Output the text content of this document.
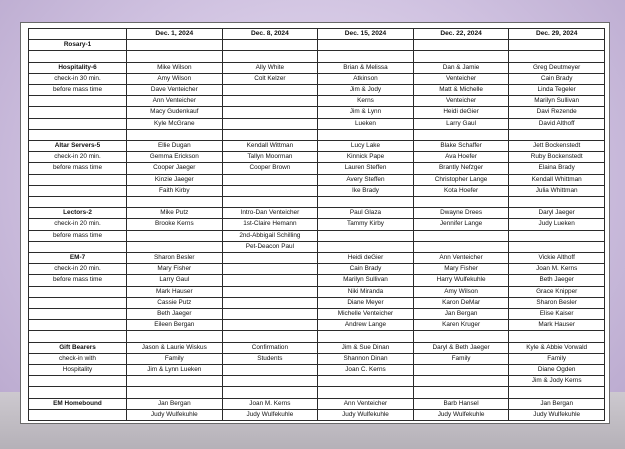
	Dec. 1, 2024	Dec. 8, 2024	Dec. 15, 2024	Dec. 22, 2024	Dec. 29, 2024
Rosary-1					

Hospitality-6	Mike Wilson	Ally White	Brian & Melissa	Dan & Jamie	Greg Deutmeyer
check-in 30 min.	Amy Wilson	Colt Kelzer	Atkinson	Venteicher	Cain Brady
before mass time	Dave Venteicher		Jim & Jody	Matt & Michelle	Linda Tegeler
	Ann Venteicher		Kerns	Venteicher	Marilyn Sullivan
	Macy Gudenkauf		Jim & Lynn	Heidi deGier	Davi Rezende
	Kyle McGrane		Lueken	Larry Gaul	David Althoff

Altar Servers-5	Ellie Dugan	Kendall Wittman	Lucy Lake	Blake Schaffer	Jett Bockenstedt
check-in 20 min.	Gemma Erickson	Tallyn Moorman	Kinnick Pape	Ava Hoefer	Ruby Bockenstedt
before mass time	Cooper Jaeger	Cooper Brown	Lauren Steffen	Brantly Nefzger	Elaina Brady
	Kinzie Jaeger		Avery Steffen	Christopher Lange	Kendall Whittman
	Faith Kirby		Ike Brady	Kota Hoefer	Julia Whittman

Lectors-2	Mike Putz	Intro-Dan Venteicher	Paul Glaza	Dwayne Drees	Daryl Jaeger
check-in 20 min.	Brooke Kerns	1st-Claire Hemann	Tammy Kirby	Jennifer Lange	Judy Lueken
before mass time		2nd-Abbigail Schilling			
		Pet-Deacon Paul			
EM-7	Sharon Besler		Heidi deGier	Ann Venteicher	Vickie Althoff
check-in 20 min.	Mary Fisher		Cain Brady	Mary Fisher	Joan M. Kerns
before mass time	Larry Gaul		Marilyn Sullivan	Harry Wulfekuhle	Beth Jaeger
	Mark Hauser		Niki Miranda	Amy Wilson	Grace Knipper
	Cassie Putz		Diane Meyer	Karon DeMar	Sharon Besler
	Beth Jaeger		Michelle Venteicher	Jan Bergan	Elise Kaiser
	Eileen Bergan		Andrew Lange	Karen Kruger	Mark Hauser

Gift Bearers	Jason & Laurie Wiskus	Confirmation	Jim & Sue Dinan	Daryl & Beth Jaeger	Kyle & Abbie Vorwald
check-in with	Family	Students	Shannon Dinan	Family	Family
Hospitality	Jim & Lynn Lueken		Joan C. Kerns		Diane Ogden
					Jim & Jody Kerns

EM Homebound	Jan Bergan	Joan M. Kerns	Ann Venteicher	Barb Hansel	Jan Bergan
	Judy Wulfekuhle	Judy Wulfekuhle	Judy Wulfekuhle	Judy Wulfekuhle	Judy Wulfekuhle
